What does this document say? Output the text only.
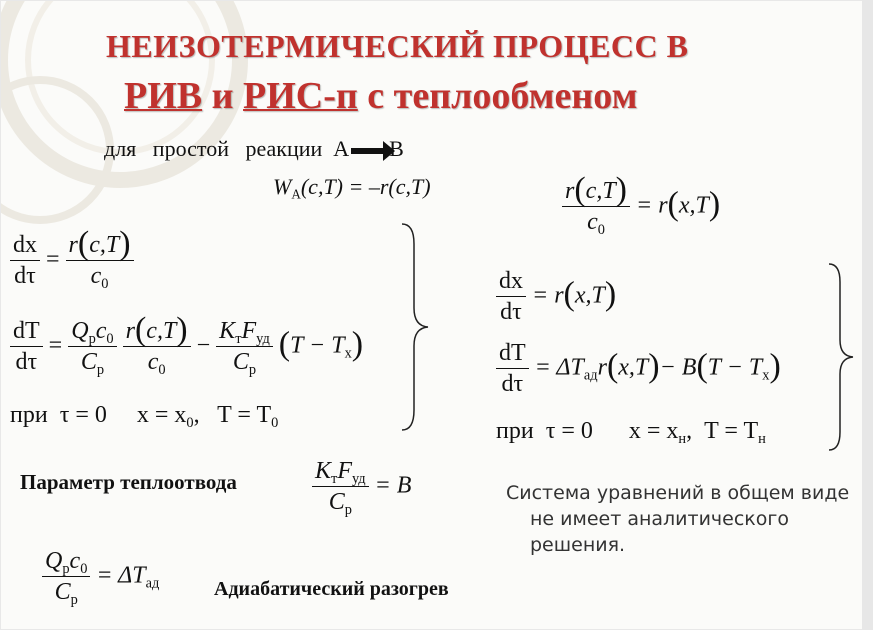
НЕИЗОТЕРМИЧЕСКИЙ ПРОЦЕСС В
РИВ и РИС-п с теплообменом
для   простой   реакции  А В
$W_A(c,T) = -r(c,T)$
$\frac{dx}{d\tau} = \frac{r(c,T)}{c_0}$
$\frac{dT}{d\tau} = \frac{Q_рc_0}{C_р}$
$\frac{r(c,T)}{c_0} - \frac{K_тF_{уд}}{C_p} (T - T_х)$
при  τ = 0     $x = x_0$,   $T = T_0$
$\frac{r(c,T)}{c_0} = r(x,T)$
$\frac{dx}{d\tau} = r(x,T)$
$\frac{dT}{d\tau} = \Delta T_{ад}r(x,T)- B(T - T_х)$
при  τ = 0      $x = x_н$,  $T = T_н$
Параметр теплоотвода	$\frac{K_тF_{уд}}{C_p} = B$
$\frac{Q_рc_0}{C_р} = \Delta T_{ад}$	Адиабатический разогрев
Система уравнений в общем виде
не имеет аналитического
решения.
